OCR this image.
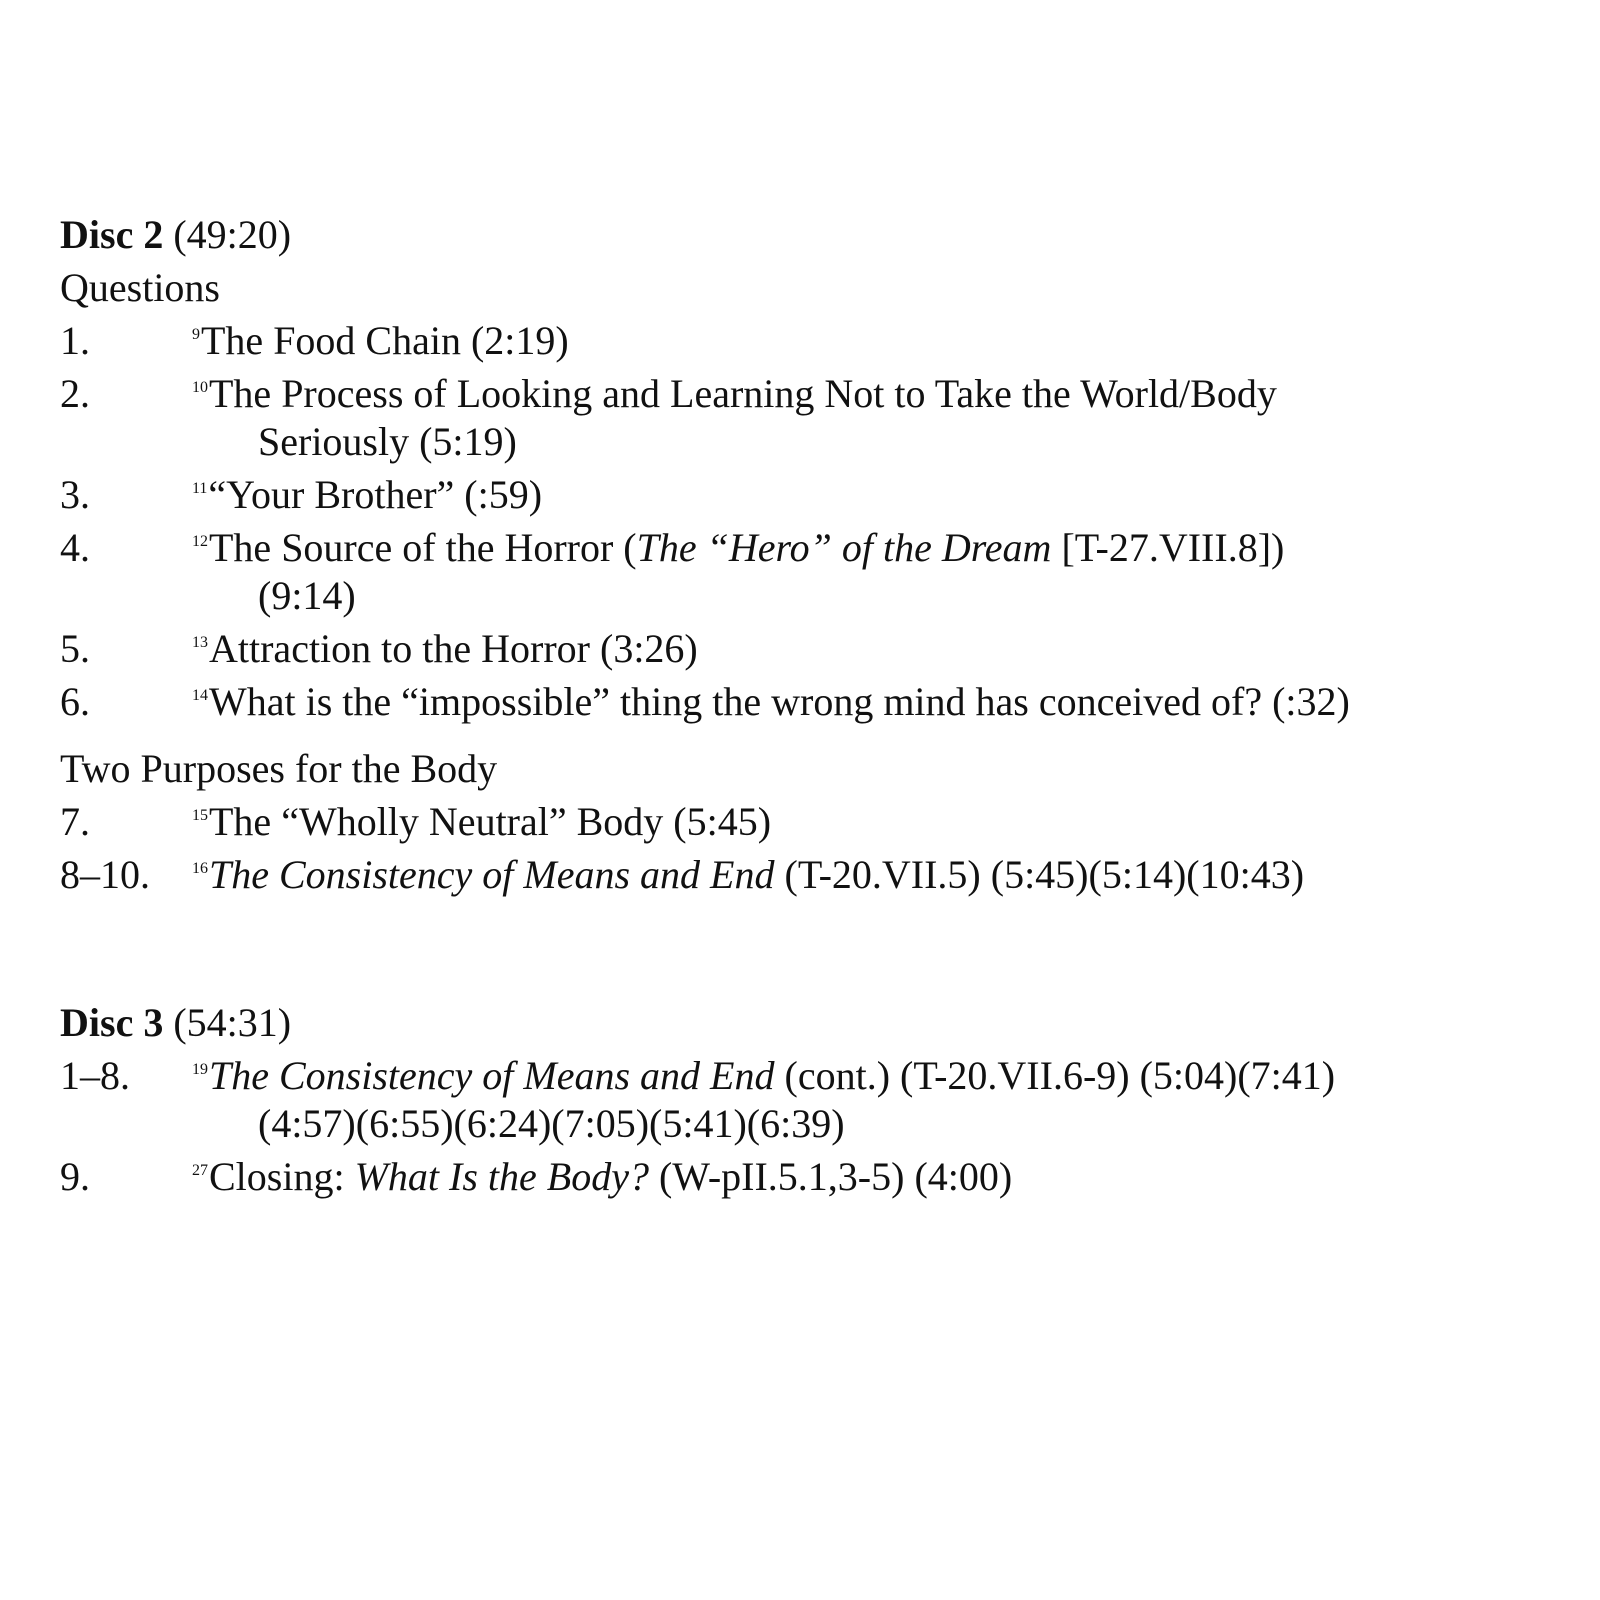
Disc 2 (49:20)
Questions
1.	$^9$The Food Chain (2:19)
2.	$^{10}$The Process of Looking and Learning Not to Take the World/Body
Seriously (5:19)
3.	$^{11}$“Your Brother” (:59)
4.	$^{12}$The Source of the Horror (The “Hero” of the Dream [T-27.VIII.8])
(9:14)
5.	$^{13}$Attraction to the Horror (3:26)
6.	$^{14}$What is the “impossible” thing the wrong mind has conceived of? (:32)
Two Purposes for the Body
7.	$^{15}$The “Wholly Neutral” Body (5:45)
8–10.	$^{16}$The Consistency of Means and End (T-20.VII.5) (5:45)(5:14)(10:43)
Disc 3 (54:31)
1–8.	$^{19}$The Consistency of Means and End (cont.) (T-20.VII.6-9) (5:04)(7:41)
(4:57)(6:55)(6:24)(7:05)(5:41)(6:39)
9.	$^{27}$Closing: What Is the Body? (W-pII.5.1,3-5) (4:00)
